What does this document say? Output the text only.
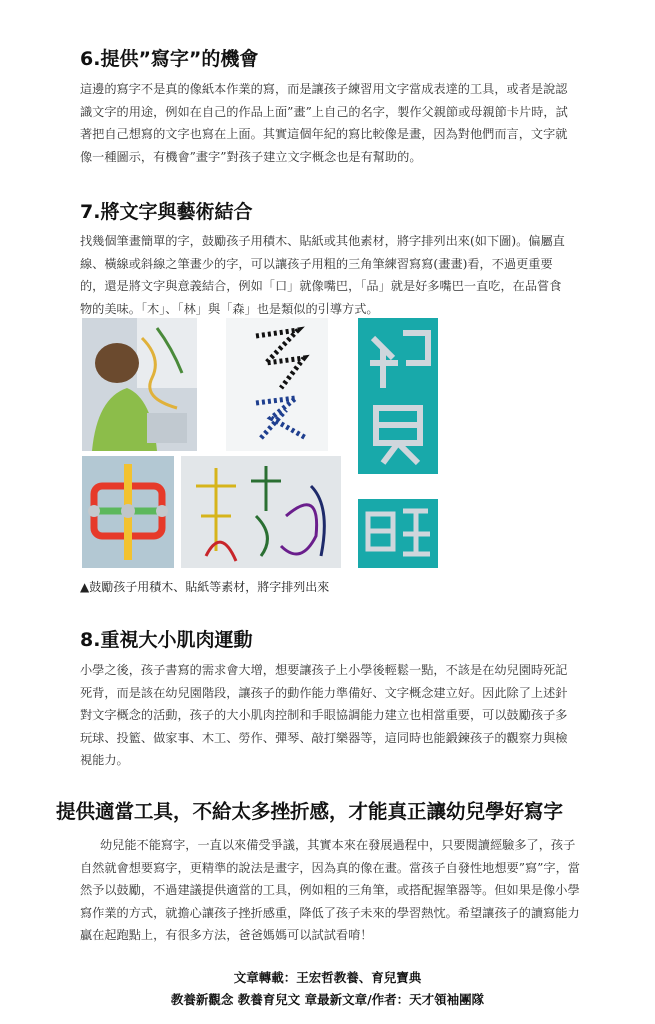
6.提供”寫字”的機會
這邊的寫字不是真的像紙本作業的寫，而是讓孩子練習用文字當成表達的工具，或者是說認
識文字的用途，例如在自己的作品上面”畫”上自己的名字，製作父親節或母親節卡片時，試
著把自己想寫的文字也寫在上面。其實這個年紀的寫比較像是畫，因為對他們而言，文字就
像一種圖示，有機會”畫字”對孩子建立文字概念也是有幫助的。
7.將文字與藝術結合
找幾個筆畫簡單的字，鼓勵孩子用積木、貼紙或其他素材，將字排列出來(如下圖)。偏屬直
線、橫線或斜線之筆畫少的字，可以讓孩子用粗的三角筆練習寫寫(畫畫)看，不過更重要
的，還是將文字與意義結合，例如「口」就像嘴巴，「品」就是好多嘴巴一直吃，在品嘗食
物的美味。「木」、「林」與「森」也是類似的引導方式。
▲鼓勵孩子用積木、貼紙等素材，將字排列出來
8.重視大小肌肉運動
小學之後，孩子書寫的需求會大增，想要讓孩子上小學後輕鬆一點，不該是在幼兒園時死記
死背，而是該在幼兒園階段，讓孩子的動作能力準備好、文字概念建立好。因此除了上述針
對文字概念的活動，孩子的大小肌肉控制和手眼協調能力建立也相當重要，可以鼓勵孩子多
玩球、投籃、做家事、木工、勞作、彈琴、敲打樂器等，這同時也能鍛鍊孩子的觀察力與檢
視能力。
提供適當工具，不給太多挫折感，才能真正讓幼兒學好寫字
幼兒能不能寫字，一直以來備受爭議，其實本來在發展過程中，只要閱讀經驗多了，孩子
自然就會想要寫字，更精準的說法是畫字，因為真的像在畫。當孩子自發性地想要”寫”字，當
然予以鼓勵，不過建議提供適當的工具，例如粗的三角筆，或搭配握筆器等。但如果是像小學
寫作業的方式，就擔心讓孩子挫折感重，降低了孩子未來的學習熱忱。希望讓孩子的讀寫能力
贏在起跑點上，有很多方法，爸爸媽媽可以試試看唷！
文章轉載：王宏哲教養、育兒寶典
教養新觀念 教養育兒文 章最新文章/作者：天才領袖團隊
